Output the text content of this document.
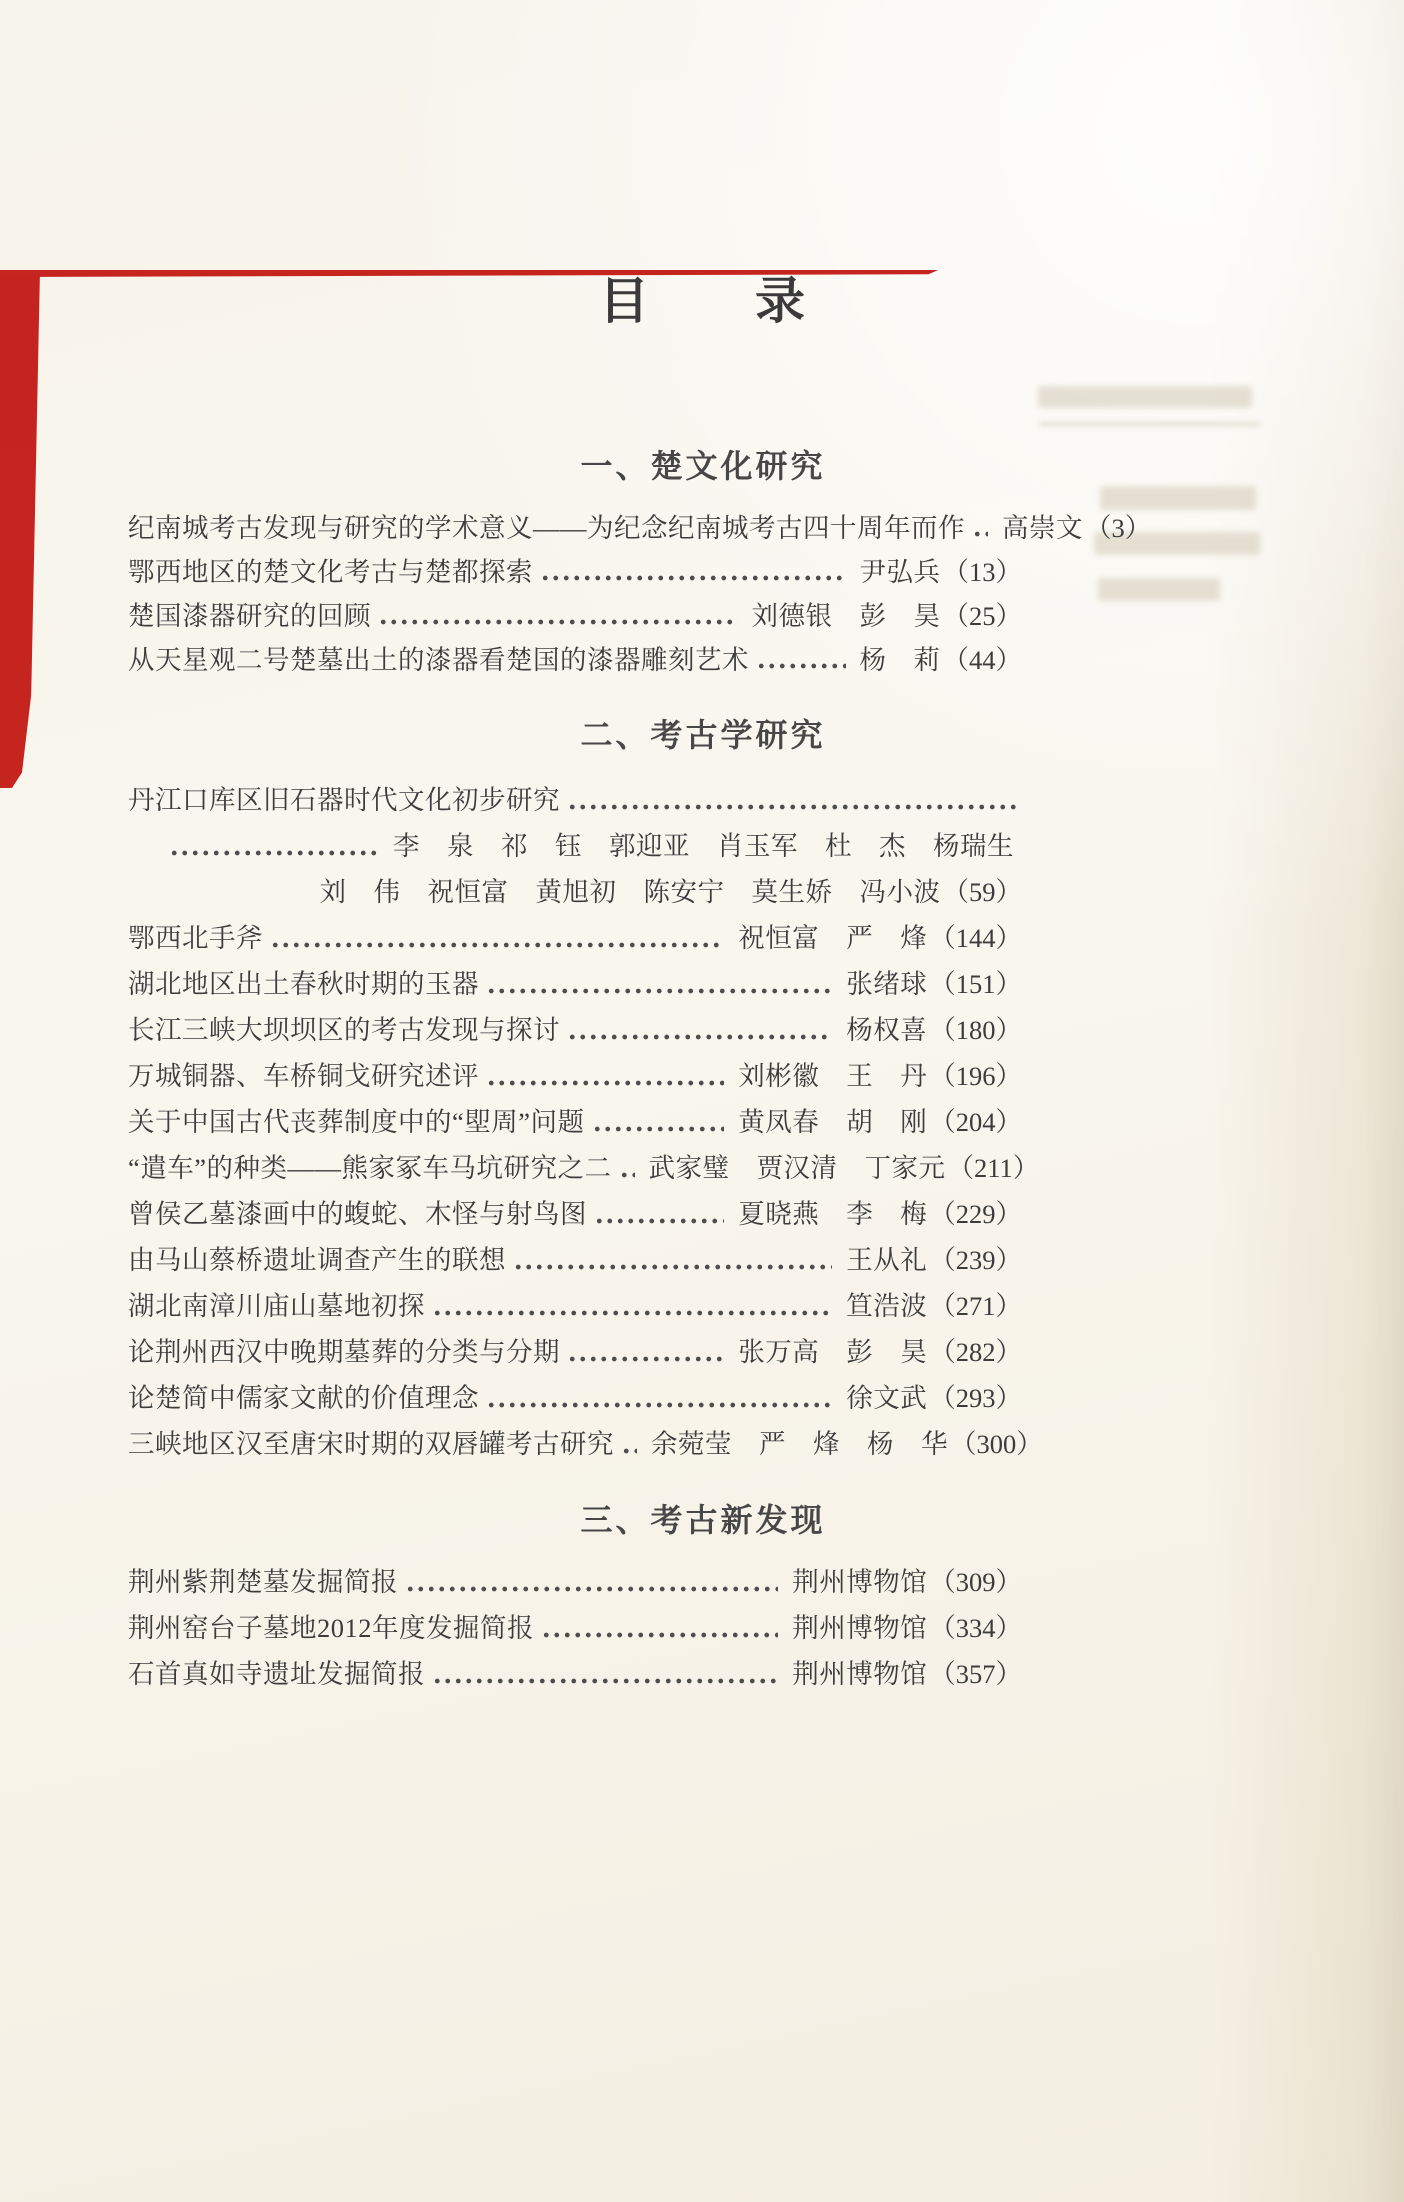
目　　录
一、楚文化研究
纪南城考古发现与研究的学术意义——为纪念纪南城考古四十周年而作 高崇文 （3）
鄂西地区的楚文化考古与楚都探索	尹弘兵 （13）
楚国漆器研究的回顾	刘德银　彭　昊 （25）
从天星观二号楚墓出土的漆器看楚国的漆器雕刻艺术	杨　莉 （44）
二、考古学研究
丹江口库区旧石器时代文化初步研究
李　泉　祁　钰　郭迎亚　肖玉军　杜　杰　杨瑞生
刘　伟　祝恒富　黄旭初　陈安宁　莫生娇　冯小波 （59）
鄂西北手斧	祝恒富　严　烽 （144）
湖北地区出土春秋时期的玉器	张绪球 （151）
长江三峡大坝坝区的考古发现与探讨	杨权喜 （180）
万城铜器、车桥铜戈研究述评	刘彬徽　王　丹 （196）
关于中国古代丧葬制度中的“堲周”问题	黄凤春　胡　刚 （204）
“遣车”的种类——熊家冢车马坑研究之二 武家璧　贾汉清　丁家元 （211）
曾侯乙墓漆画中的蝮蛇、木怪与射鸟图	夏晓燕　李　梅 （229）
由马山蔡桥遗址调查产生的联想	王从礼 （239）
湖北南漳川庙山墓地初探	笪浩波 （271）
论荆州西汉中晚期墓葬的分类与分期	张万高　彭　昊 （282）
论楚简中儒家文献的价值理念	徐文武 （293）
三峡地区汉至唐宋时期的双唇罐考古研究 余菀莹　严　烽　杨　华 （300）
三、考古新发现
荆州紫荆楚墓发掘简报	荆州博物馆 （309）
荆州窑台子墓地2012年度发掘简报	荆州博物馆 （334）
石首真如寺遗址发掘简报	荆州博物馆 （357）
